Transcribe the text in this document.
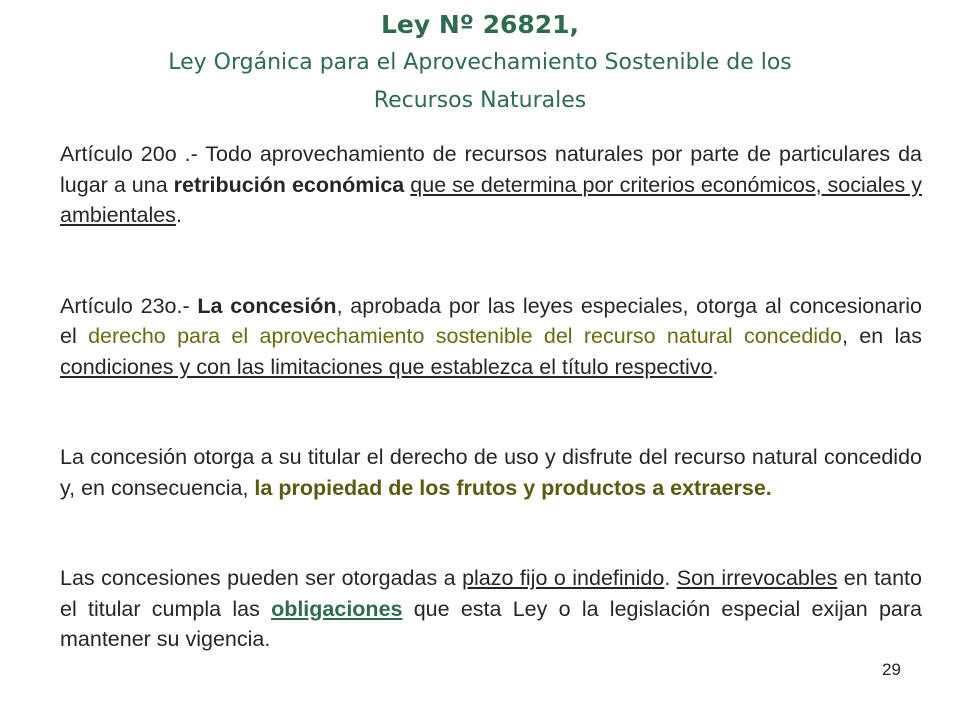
Ley Nº 26821,
Ley Orgánica para el Aprovechamiento Sostenible de los
Recursos Naturales

Artículo 20o .- Todo aprovechamiento de recursos naturales por parte de particulares da lugar a una retribución económica que se determina por criterios económicos, sociales y ambientales.

Artículo 23o.- La concesión, aprobada por las leyes especiales, otorga al concesionario el derecho para el aprovechamiento sostenible del recurso natural concedido, en las condiciones y con las limitaciones que establezca el título respectivo.

La concesión otorga a su titular el derecho de uso y disfrute del recurso natural concedido y, en consecuencia, la propiedad de los frutos y productos a extraerse.

Las concesiones pueden ser otorgadas a plazo fijo o indefinido. Son irrevocables en tanto el titular cumpla las obligaciones que esta Ley o la legislación especial exijan para mantener su vigencia.

29
